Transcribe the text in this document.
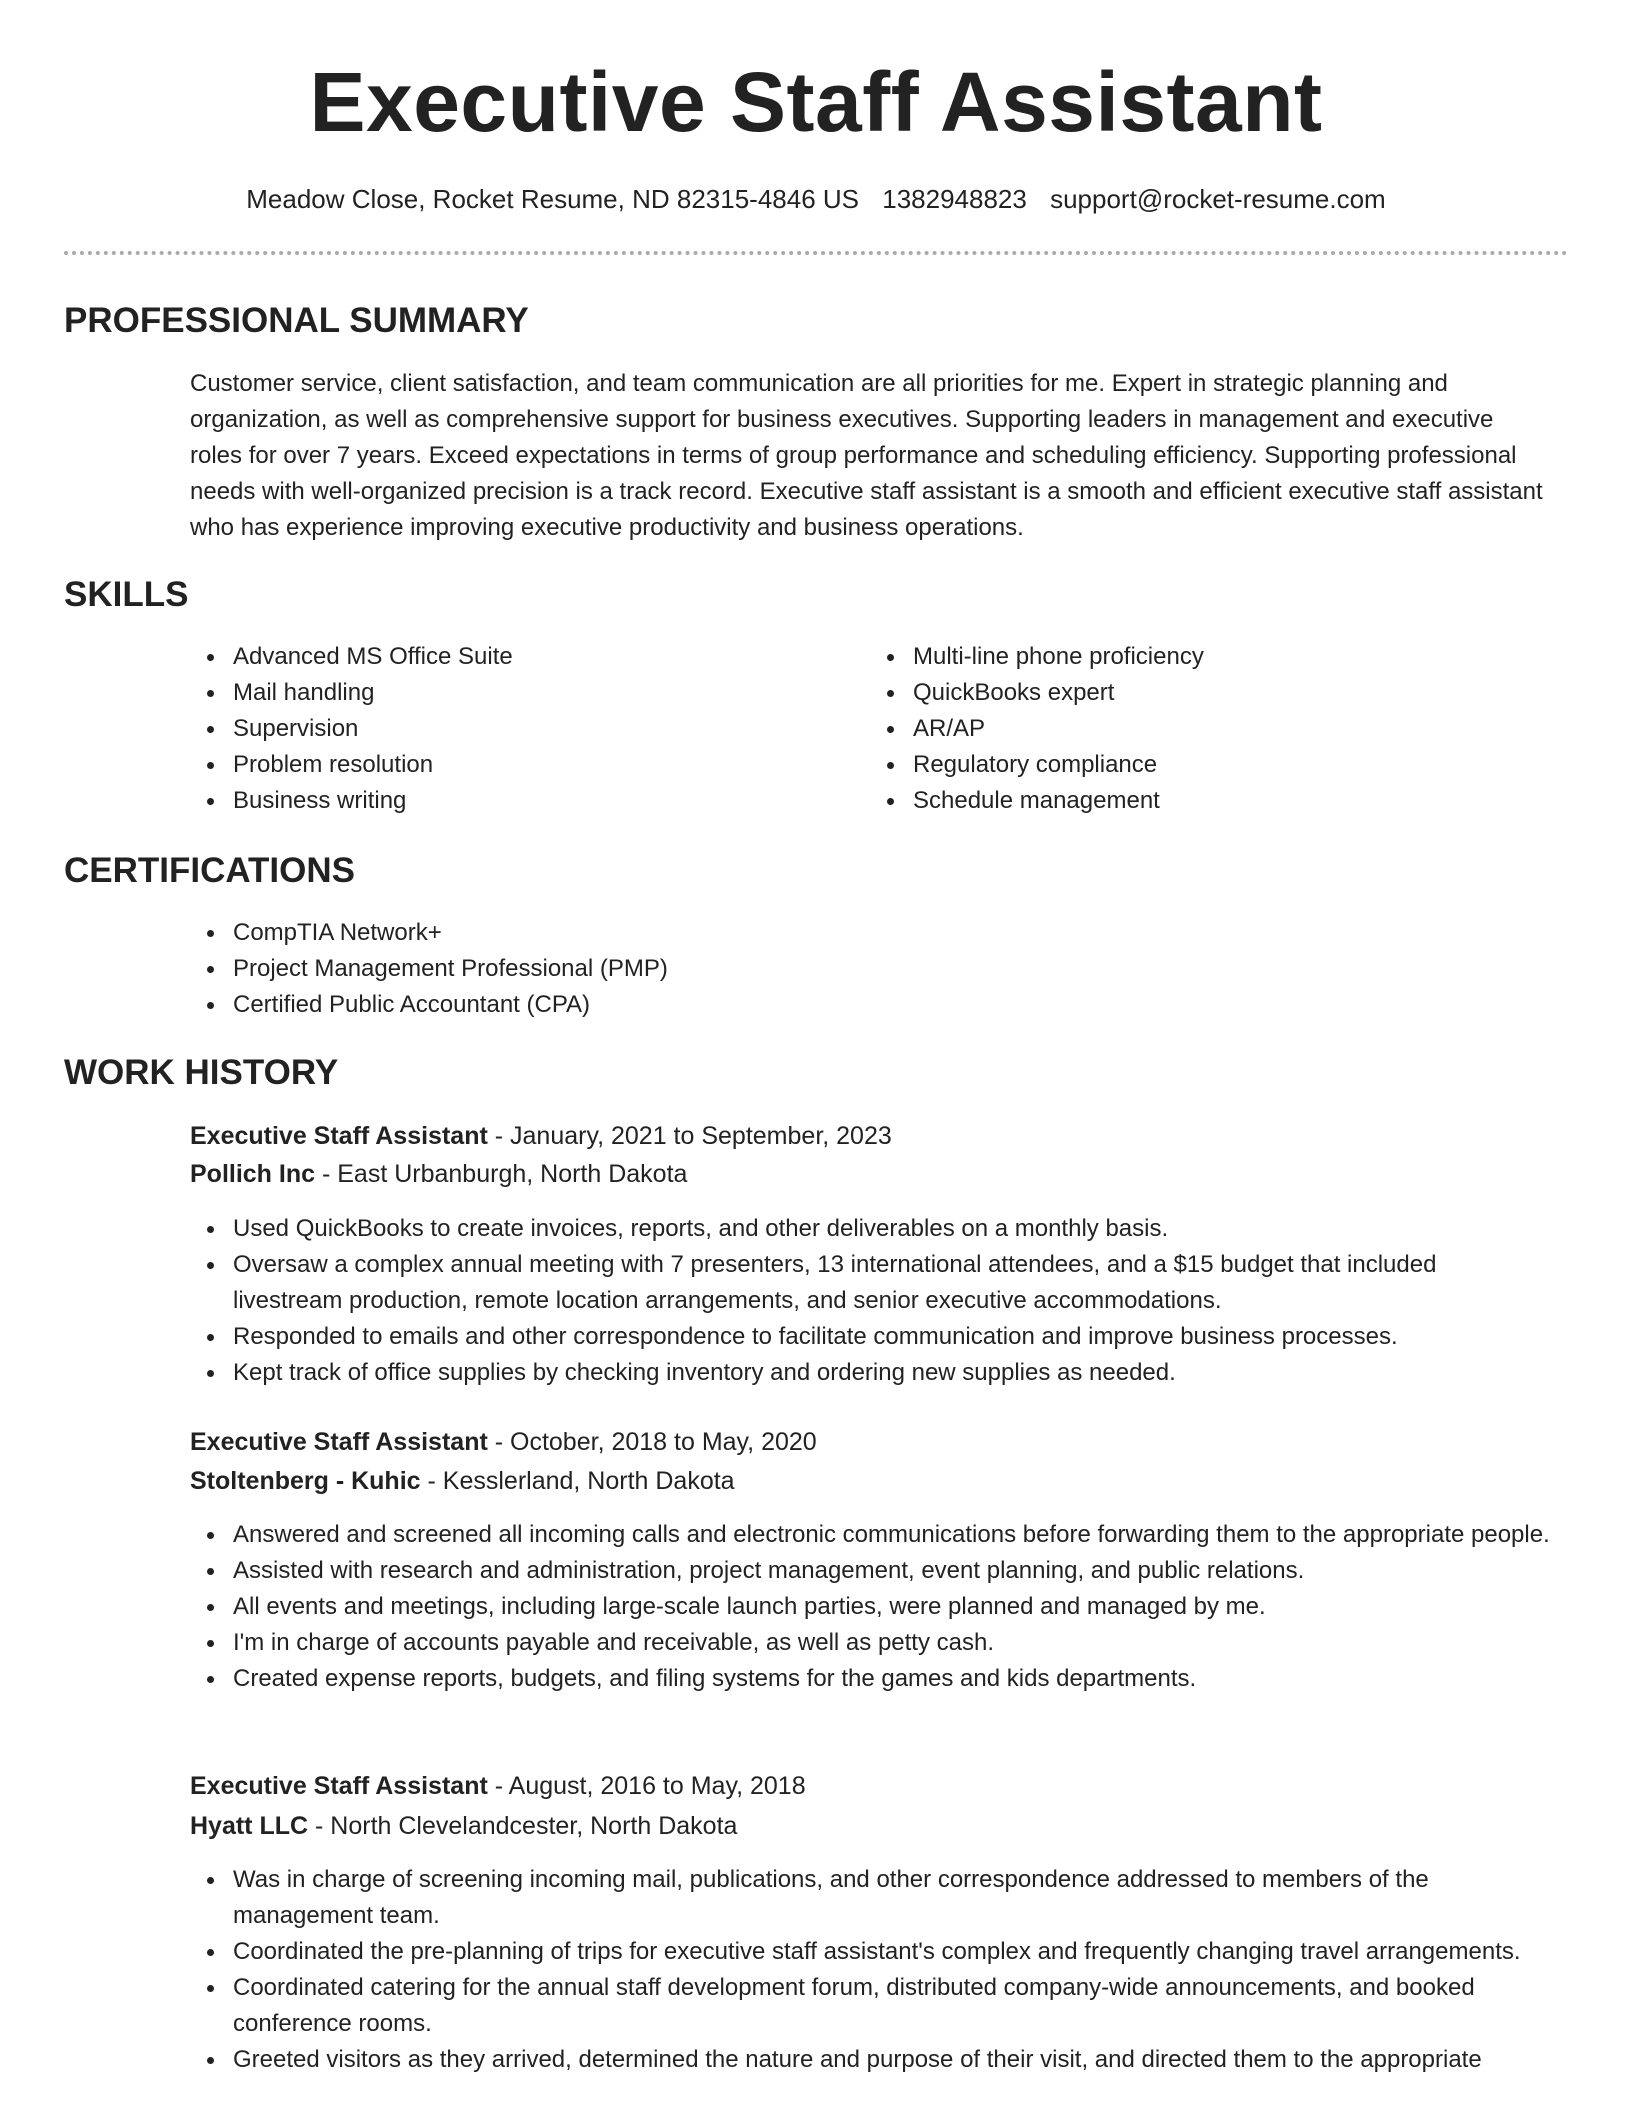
Executive Staff Assistant
Meadow Close, Rocket Resume, ND 82315-4846 US 1382948823 support@rocket-resume.com
PROFESSIONAL SUMMARY

Customer service, client satisfaction, and team communication are all priorities for me. Expert in strategic planning and organization, as well as comprehensive support for business executives. Supporting leaders in management and executive roles for over 7 years. Exceed expectations in terms of group performance and scheduling efficiency. Supporting professional needs with well-organized precision is a track record. Executive staff assistant is a smooth and efficient executive staff assistant who has experience improving executive productivity and business operations.

SKILLS
Advanced MS Office Suite
Mail handling
Supervision
Problem resolution
Business writing
Multi-line phone proficiency
QuickBooks expert
AR/AP
Regulatory compliance
Schedule management
CERTIFICATIONS
CompTIA Network+
Project Management Professional (PMP)
Certified Public Accountant (CPA)
WORK HISTORY
Executive Staff Assistant - January, 2021 to September, 2023
Pollich Inc - East Urbanburgh, North Dakota
Used QuickBooks to create invoices, reports, and other deliverables on a monthly basis.
Oversaw a complex annual meeting with 7 presenters, 13 international attendees, and a $15 budget that included livestream production, remote location arrangements, and senior executive accommodations.
Responded to emails and other correspondence to facilitate communication and improve business processes.
Kept track of office supplies by checking inventory and ordering new supplies as needed.
Executive Staff Assistant - October, 2018 to May, 2020
Stoltenberg - Kuhic - Kesslerland, North Dakota
Answered and screened all incoming calls and electronic communications before forwarding them to the appropriate people.
Assisted with research and administration, project management, event planning, and public relations.
All events and meetings, including large-scale launch parties, were planned and managed by me.
I'm in charge of accounts payable and receivable, as well as petty cash.
Created expense reports, budgets, and filing systems for the games and kids departments.
Executive Staff Assistant - August, 2016 to May, 2018
Hyatt LLC - North Clevelandcester, North Dakota
Was in charge of screening incoming mail, publications, and other correspondence addressed to members of the management team.
Coordinated the pre-planning of trips for executive staff assistant's complex and frequently changing travel arrangements.
Coordinated catering for the annual staff development forum, distributed company-wide announcements, and booked conference rooms.
Greeted visitors as they arrived, determined the nature and purpose of their visit, and directed them to the appropriate
